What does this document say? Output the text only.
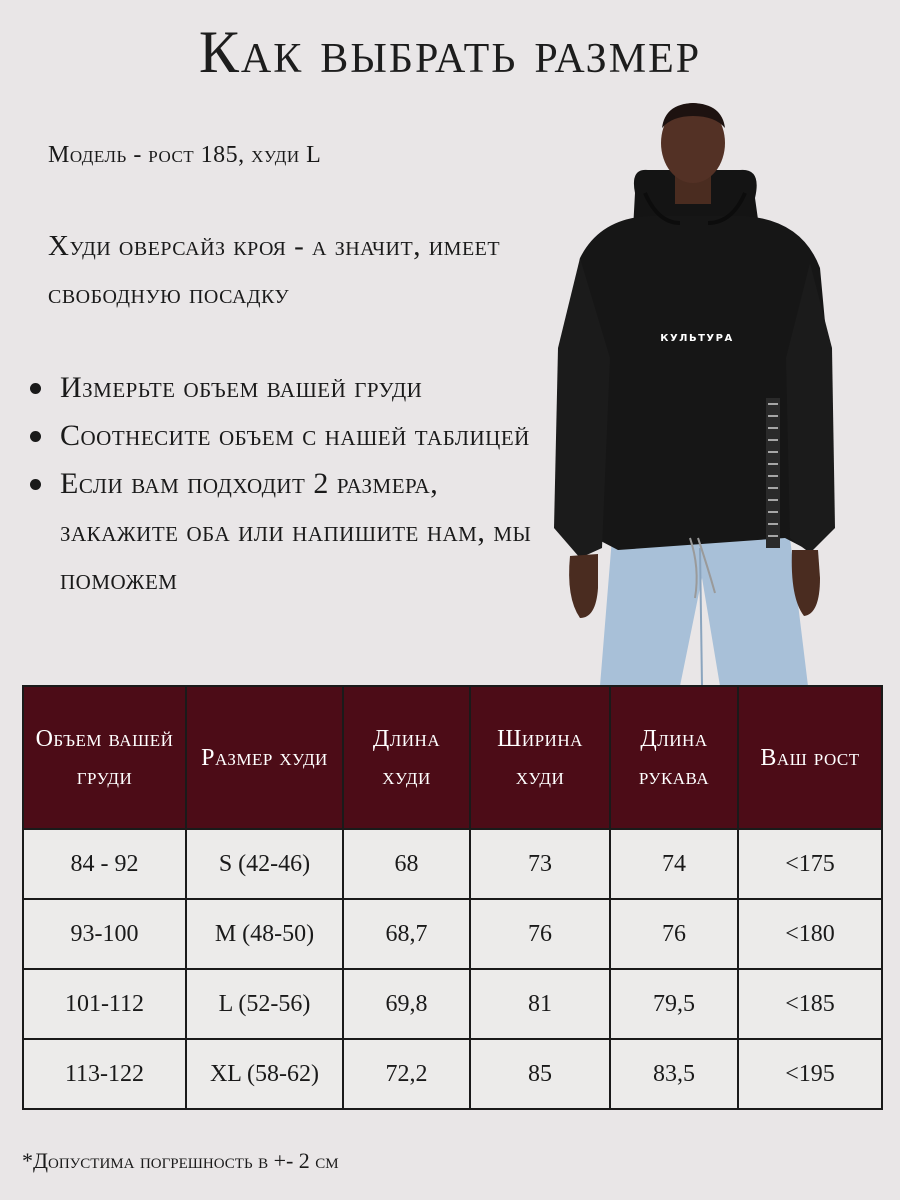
Как выбрать размер
Модель - рост 185, худи L
Худи оверсайз кроя - а значит, имеет свободную посадку
Измерьте объем вашей груди
Соотнесите объем с нашей таблицей
Если вам подходит 2 размера, закажите оба или напишите нам, мы поможем
КУЛЬТУРА
Объем вашей груди	Размер худи	Длина худи	Ширина худи	Длина рукава	Ваш рост
84 - 92	S (42-46)	68	73	74	<175
93-100	M (48-50)	68,7	76	76	<180
101-112	L (52-56)	69,8	81	79,5	<185
113-122	XL (58-62)	72,2	85	83,5	<195
*Допустима погрешность в +- 2 см
